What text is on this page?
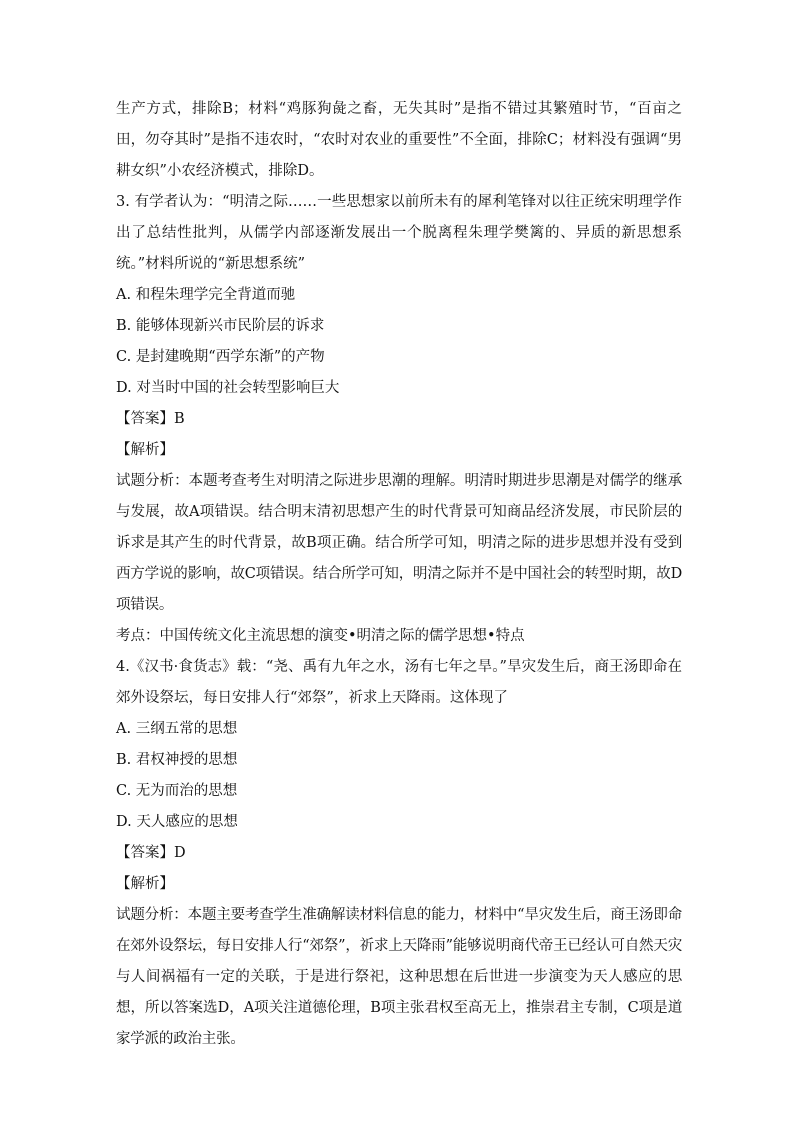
生产方式，排除B；材料“鸡豚狗彘之畜，无失其时”是指不错过其繁殖时节，“百亩之田，勿夺其时”是指不违农时，“农时对农业的重要性”不全面，排除C；材料没有强调“男耕女织”小农经济模式，排除D。

3. 有学者认为：“明清之际……一些思想家以前所未有的犀利笔锋对以往正统宋明理学作出了总结性批判，从儒学内部逐渐发展出一个脱离程朱理学樊篱的、异质的新思想系统。”材料所说的“新思想系统”

A. 和程朱理学完全背道而驰

B. 能够体现新兴市民阶层的诉求

C. 是封建晚期“西学东渐”的产物

D. 对当时中国的社会转型影响巨大

【答案】B

【解析】

试题分析：本题考查考生对明清之际进步思潮的理解。明清时期进步思潮是对儒学的继承与发展，故A项错误。结合明末清初思想产生的时代背景可知商品经济发展，市民阶层的诉求是其产生的时代背景，故B项正确。结合所学可知，明清之际的进步思想并没有受到西方学说的影响，故C项错误。结合所学可知，明清之际并不是中国社会的转型时期，故D项错误。

考点：中国传统文化主流思想的演变•明清之际的儒学思想•特点

4.《汉书·食货志》载：“尧、禹有九年之水，汤有七年之旱。”旱灾发生后，商王汤即命在郊外设祭坛，每日安排人行“郊祭”，祈求上天降雨。这体现了

A. 三纲五常的思想

B. 君权神授的思想

C. 无为而治的思想

D. 天人感应的思想

【答案】D

【解析】

试题分析：本题主要考查学生准确解读材料信息的能力，材料中“旱灾发生后，商王汤即命在郊外设祭坛，每日安排人行“郊祭”，祈求上天降雨”能够说明商代帝王已经认可自然天灾与人间祸福有一定的关联，于是进行祭祀，这种思想在后世进一步演变为天人感应的思想，所以答案选D，A项关注道德伦理，B项主张君权至高无上，推崇君主专制，C项是道家学派的政治主张。
